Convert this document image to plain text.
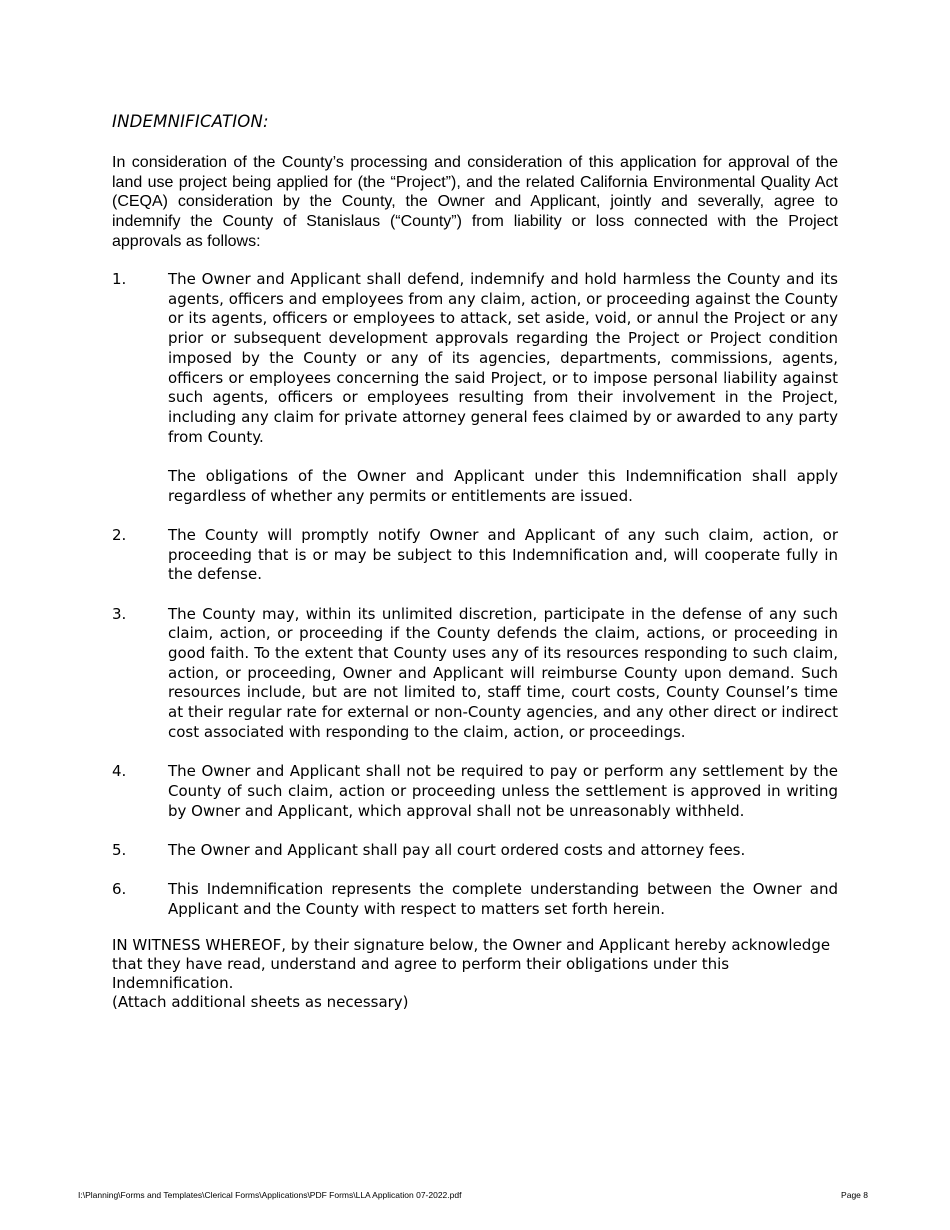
INDEMNIFICATION:
In consideration of the County’s processing and consideration of this application for approval of the land use project being applied for (the “Project”), and the related California Environmental Quality Act (CEQA) consideration by the County, the Owner and Applicant, jointly and severally, agree to indemnify the County of Stanislaus (“County”) from liability or loss connected with the Project approvals as follows:
1.	The Owner and Applicant shall defend, indemnify and hold harmless the County and its agents, officers and employees from any claim, action, or proceeding against the County or its agents, officers or employees to attack, set aside, void, or annul the Project or any prior or subsequent development approvals regarding the Project or Project condition imposed by the County or any of its agencies, departments, commissions, agents, officers or employees concerning the said Project, or to impose personal liability against such agents, officers or employees resulting from their involvement in the Project, including any claim for private attorney general fees claimed by or awarded to any party from County.

The obligations of the Owner and Applicant under this Indemnification shall apply regardless of whether any permits or entitlements are issued.

2.	The County will promptly notify Owner and Applicant of any such claim, action, or proceeding that is or may be subject to this Indemnification and, will cooperate fully in the defense.

3.	The County may, within its unlimited discretion, participate in the defense of any such claim, action, or proceeding if the County defends the claim, actions, or proceeding in good faith. To the extent that County uses any of its resources responding to such claim, action, or proceeding, Owner and Applicant will reimburse County upon demand. Such resources include, but are not limited to, staff time, court costs, County Counsel’s time at their regular rate for external or non-County agencies, and any other direct or indirect cost associated with responding to the claim, action, or proceedings.

4.	The Owner and Applicant shall not be required to pay or perform any settlement by the County of such claim, action or proceeding unless the settlement is approved in writing by Owner and Applicant, which approval shall not be unreasonably withheld.

5.	The Owner and Applicant shall pay all court ordered costs and attorney fees.

6.	This Indemnification represents the complete understanding between the Owner and Applicant and the County with respect to matters set forth herein.

IN WITNESS WHEREOF, by their signature below, the Owner and Applicant hereby acknowledge that they have read, understand and agree to perform their obligations under this Indemnification.
(Attach additional sheets as necessary)
I:\Planning\Forms and Templates\Clerical Forms\Applications\PDF Forms\LLA Application 07-2022.pdf	Page 8
